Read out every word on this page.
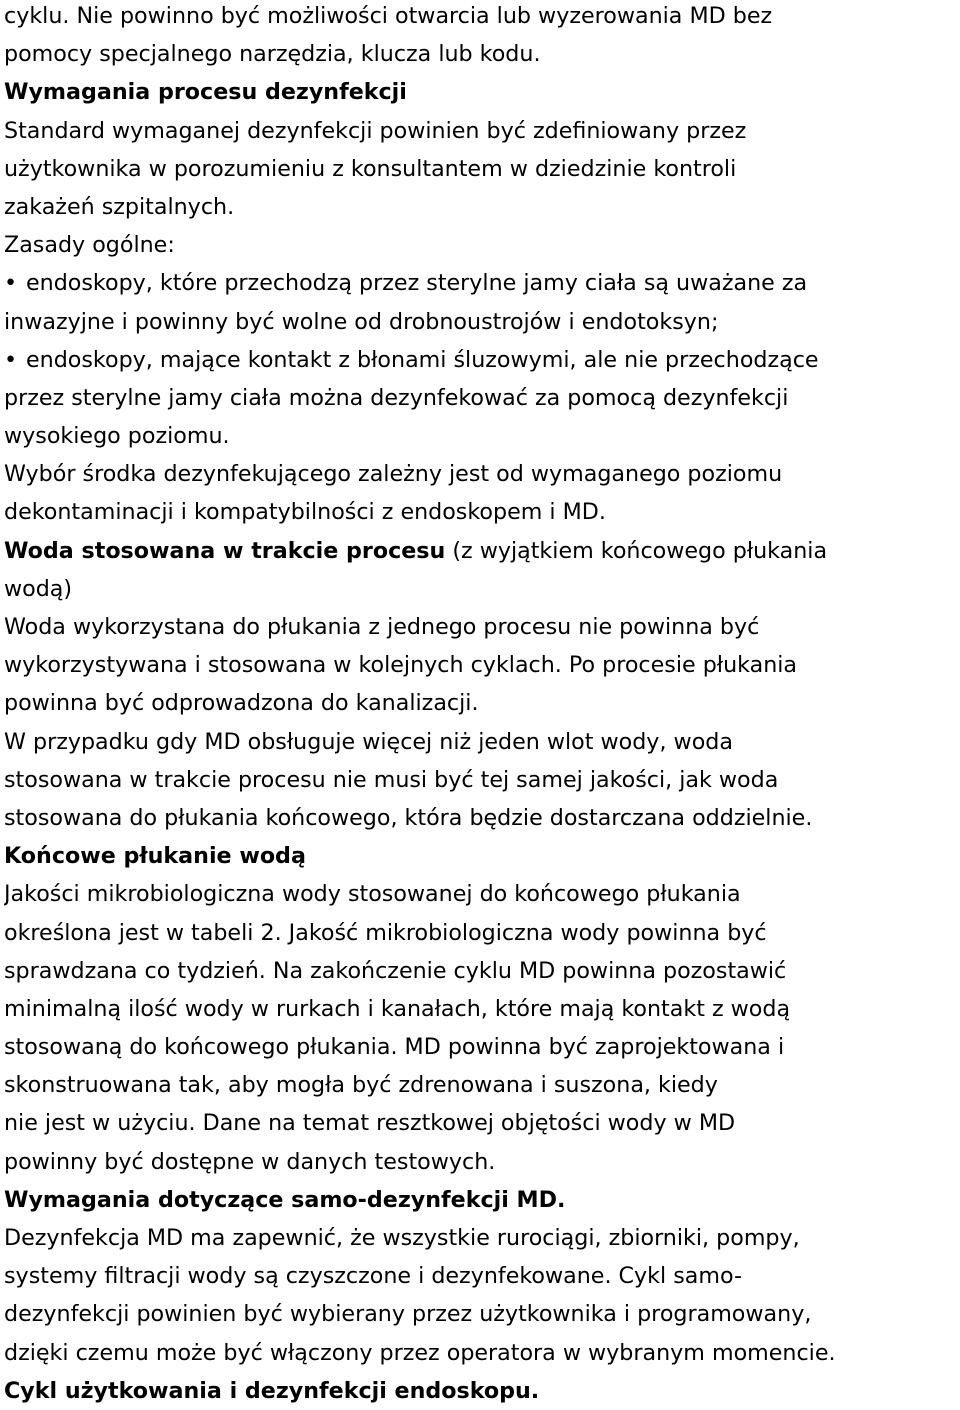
cyklu. Nie powinno być możliwości otwarcia lub wyzerowania MD bez
pomocy specjalnego narzędzia, klucza lub kodu.
Wymagania procesu dezynfekcji
Standard wymaganej dezynfekcji powinien być zdefiniowany przez
użytkownika w porozumieniu z konsultantem w dziedzinie kontroli
zakażeń szpitalnych.
Zasady ogólne:
• endoskopy, które przechodzą przez sterylne jamy ciała są uważane za
inwazyjne i powinny być wolne od drobnoustrojów i endotoksyn;
• endoskopy, mające kontakt z błonami śluzowymi, ale nie przechodzące
przez sterylne jamy ciała można dezynfekować za pomocą dezynfekcji
wysokiego poziomu.
Wybór środka dezynfekującego zależny jest od wymaganego poziomu
dekontaminacji i kompatybilności z endoskopem i MD.
Woda stosowana w trakcie procesu (z wyjątkiem końcowego płukania
wodą)
Woda wykorzystana do płukania z jednego procesu nie powinna być
wykorzystywana i stosowana w kolejnych cyklach. Po procesie płukania
powinna być odprowadzona do kanalizacji.
W przypadku gdy MD obsługuje więcej niż jeden wlot wody, woda
stosowana w trakcie procesu nie musi być tej samej jakości, jak woda
stosowana do płukania końcowego, która będzie dostarczana oddzielnie.
Końcowe płukanie wodą
Jakości mikrobiologiczna wody stosowanej do końcowego płukania
określona jest w tabeli 2. Jakość mikrobiologiczna wody powinna być
sprawdzana co tydzień. Na zakończenie cyklu MD powinna pozostawić
minimalną ilość wody w rurkach i kanałach, które mają kontakt z wodą
stosowaną do końcowego płukania. MD powinna być zaprojektowana i
skonstruowana tak, aby mogła być zdrenowana i suszona, kiedy
nie jest w użyciu. Dane na temat resztkowej objętości wody w MD
powinny być dostępne w danych testowych.
Wymagania dotyczące samo-dezynfekcji MD.
Dezynfekcja MD ma zapewnić, że wszystkie rurociągi, zbiorniki, pompy,
systemy filtracji wody są czyszczone i dezynfekowane. Cykl samo-
dezynfekcji powinien być wybierany przez użytkownika i programowany,
dzięki czemu może być włączony przez operatora w wybranym momencie.
Cykl użytkowania i dezynfekcji endoskopu.
